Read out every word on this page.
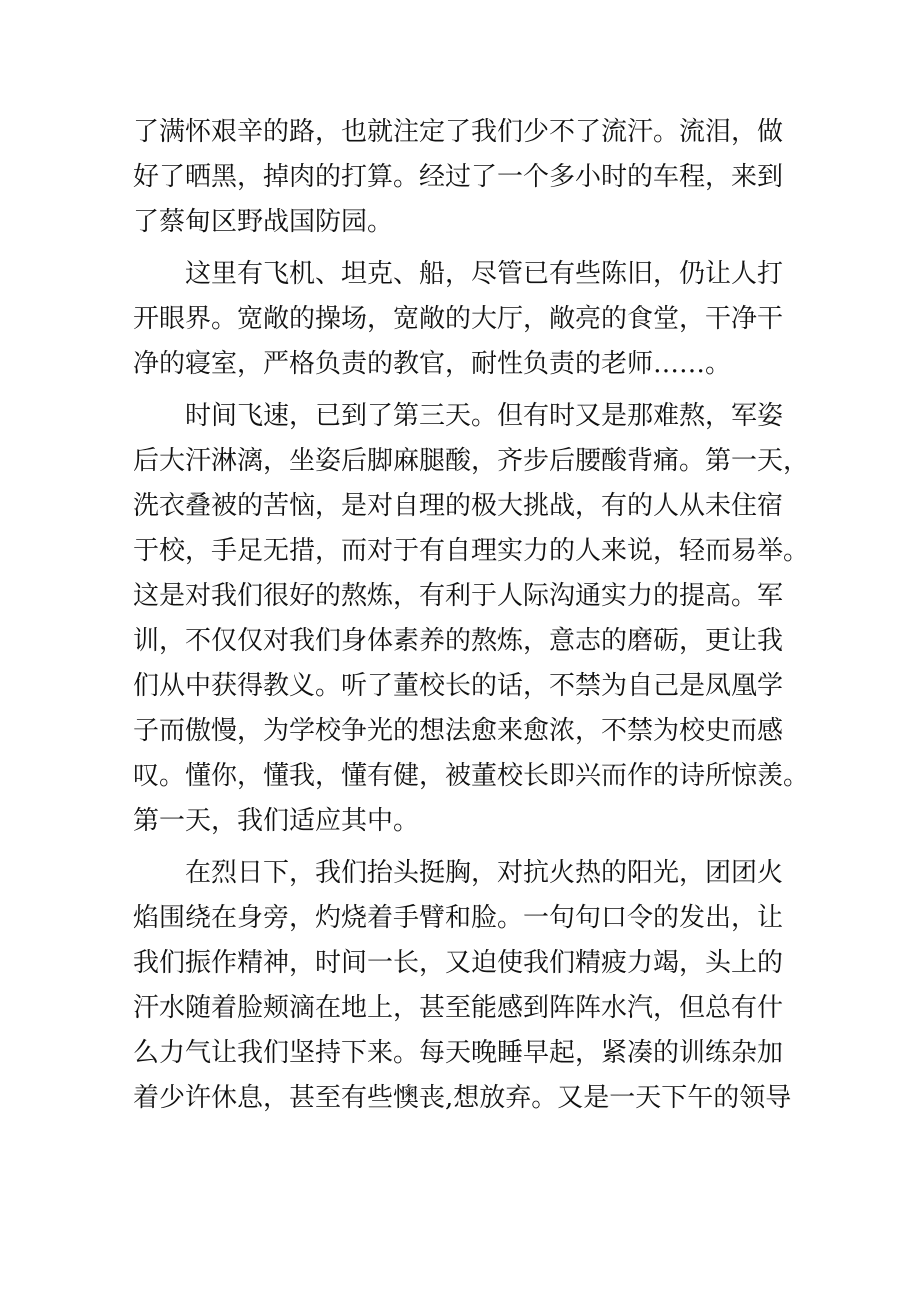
了满怀艰辛的路，也就注定了我们少不了流汗。流泪，做
好了晒黑，掉肉的打算。经过了一个多小时的车程，来到
了蔡甸区野战国防园。
这里有飞机、坦克、船，尽管已有些陈旧，仍让人打
开眼界。宽敞的操场，宽敞的大厅，敞亮的食堂，干净干
净的寝室，严格负责的教官，耐性负责的老师……。
时间飞速，已到了第三天。但有时又是那难熬，军姿
后大汗淋漓，坐姿后脚麻腿酸，齐步后腰酸背痛。第一天，
洗衣叠被的苦恼，是对自理的极大挑战，有的人从未住宿
于校，手足无措，而对于有自理实力的人来说，轻而易举。
这是对我们很好的熬炼，有利于人际沟通实力的提高。军
训，不仅仅对我们身体素养的熬炼，意志的磨砺，更让我
们从中获得教义。听了董校长的话，不禁为自己是凤凰学
子而傲慢，为学校争光的想法愈来愈浓，不禁为校史而感
叹。懂你，懂我，懂有健，被董校长即兴而作的诗所惊羡。
第一天，我们适应其中。
在烈日下，我们抬头挺胸，对抗火热的阳光，团团火
焰围绕在身旁，灼烧着手臂和脸。一句句口令的发出，让
我们振作精神，时间一长，又迫使我们精疲力竭，头上的
汗水随着脸颊滴在地上，甚至能感到阵阵水汽，但总有什
么力气让我们坚持下来。每天晚睡早起，紧凑的训练杂加
着少许休息，甚至有些懊丧,想放弃。又是一天下午的领导
